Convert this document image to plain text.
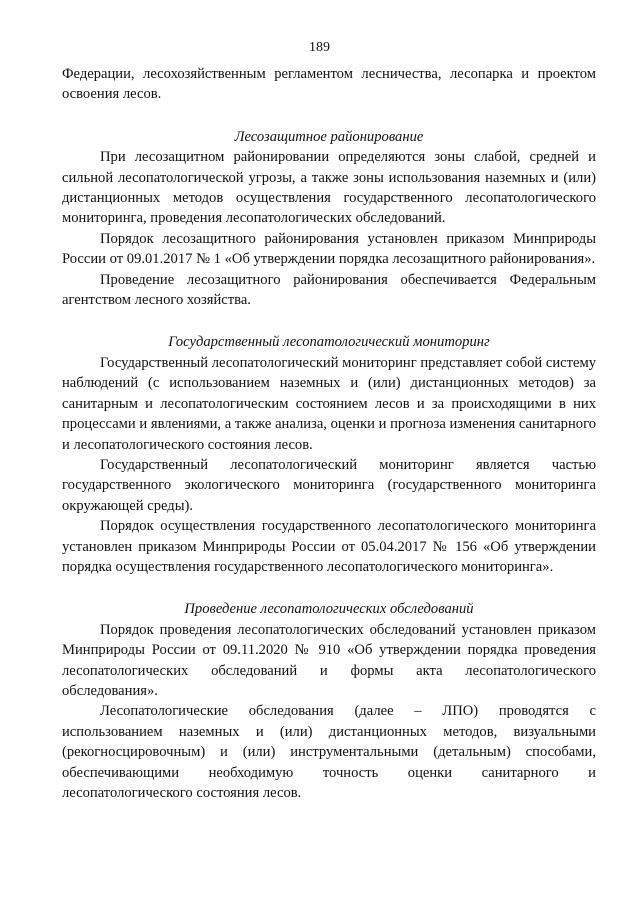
189

Федерации, лесохозяйственным регламентом лесничества, лесопарка и проектом освоения лесов.

Лесозащитное районирование

При лесозащитном районировании определяются зоны слабой, средней и сильной лесопатологической угрозы, а также зоны использования наземных и (или) дистанционных методов осуществления государственного лесопатологического мониторинга, проведения лесопатологических обследований.

Порядок лесозащитного районирования установлен приказом Минприроды России от 09.01.2017 № 1 «Об утверждении порядка лесозащитного районирования».

Проведение лесозащитного районирования обеспечивается Федеральным агентством лесного хозяйства.

Государственный лесопатологический мониторинг

Государственный лесопатологический мониторинг представляет собой систему наблюдений (с использованием наземных и (или) дистанционных методов) за санитарным и лесопатологическим состоянием лесов и за происходящими в них процессами и явлениями, а также анализа, оценки и прогноза изменения санитарного и лесопатологического состояния лесов.

Государственный лесопатологический мониторинг является частью государственного экологического мониторинга (государственного мониторинга окружающей среды).

Порядок осуществления государственного лесопатологического мониторинга установлен приказом Минприроды России от 05.04.2017 № 156 «Об утверждении порядка осуществления государственного лесопатологического мониторинга».

Проведение лесопатологических обследований

Порядок проведения лесопатологических обследований установлен приказом Минприроды России от 09.11.2020 № 910 «Об утверждении порядка проведения лесопатологических обследований и формы акта лесопатологического обследования».

Лесопатологические обследования (далее – ЛПО) проводятся с использованием наземных и (или) дистанционных методов, визуальными (рекогносцировочным) и (или) инструментальными (детальным) способами, обеспечивающими необходимую точность оценки санитарного и лесопатологического состояния лесов.
